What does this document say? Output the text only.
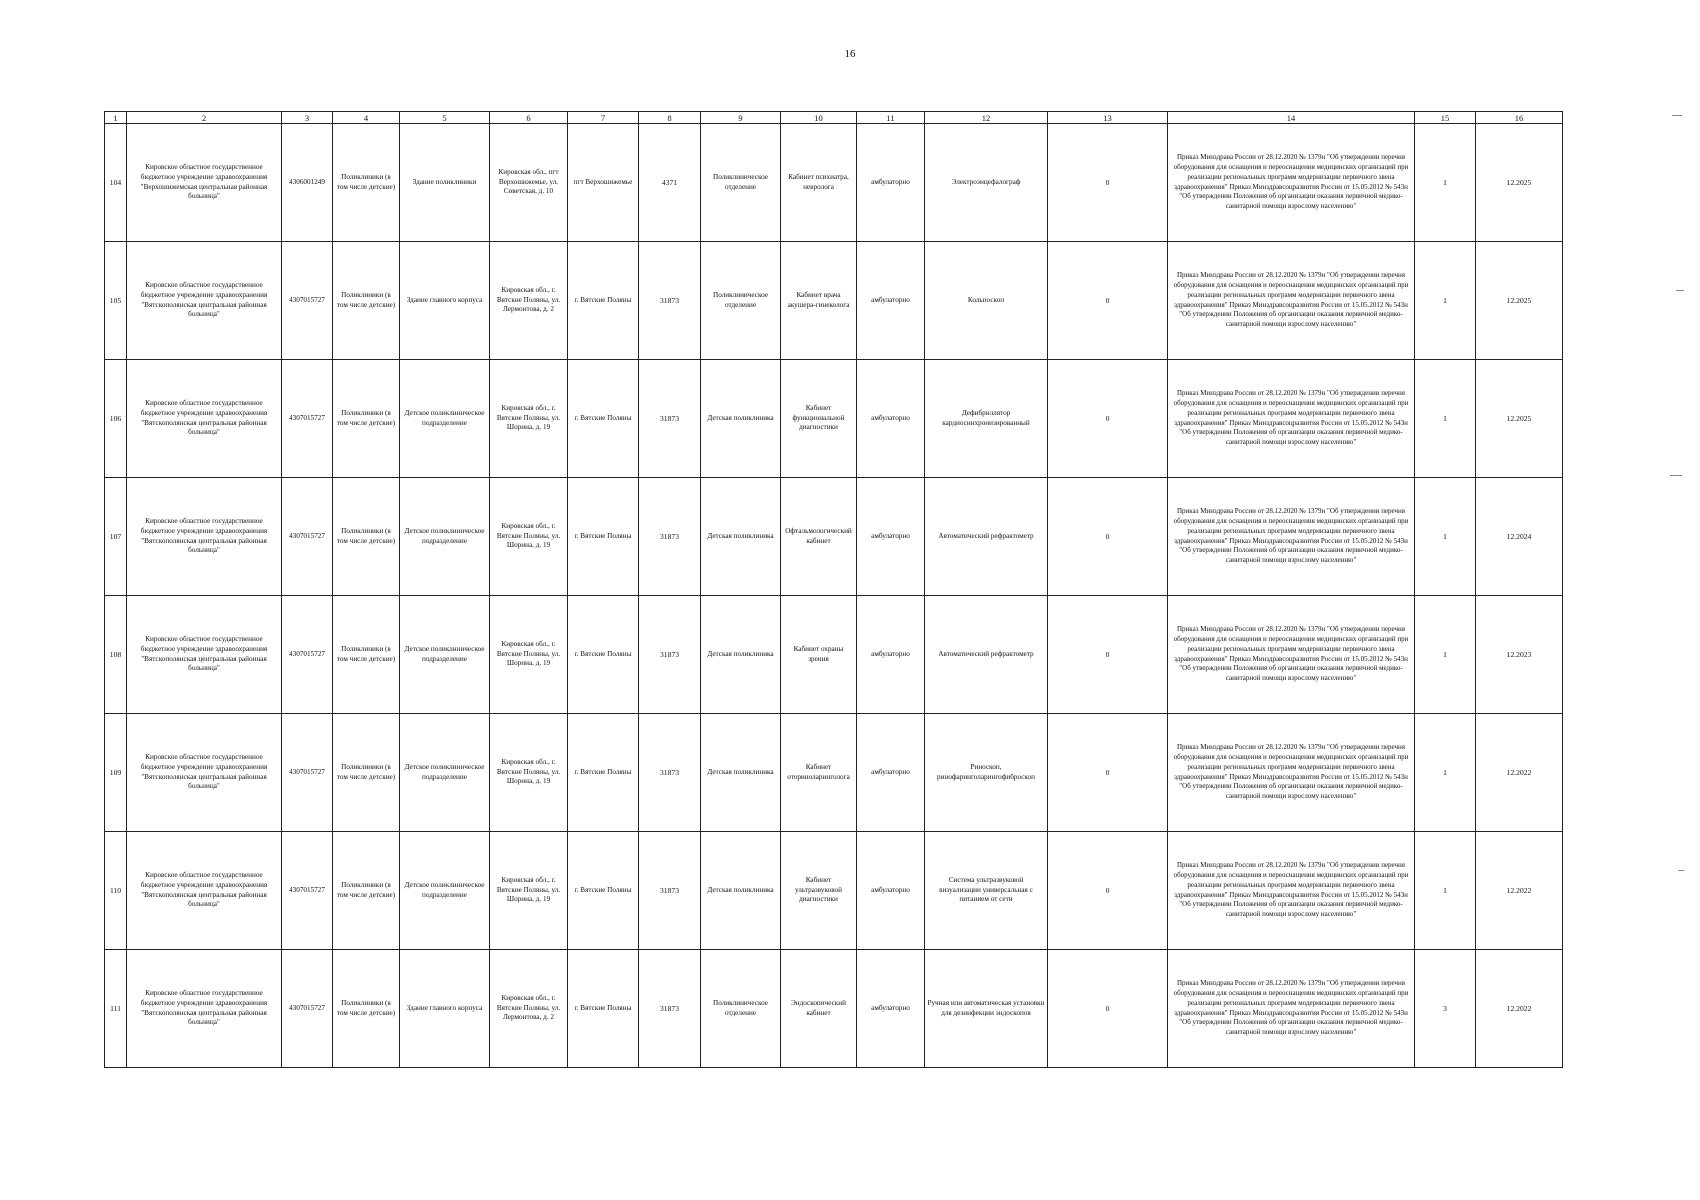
16
1	2	3	4	5	6	7	8	9	10	11	12	13	14	15	16
104	Кировское областное государственное бюджетное учреждение здравоохранения "Верхошижемская центральная районная больница"	4306001249	Поликлиники (в том числе детские)	Здание поликлиники	Кировская обл., пгт Верхошижемье, ул. Советская, д. 10	пгт Верхошижемье	4371	Поликлиническое отделение	Кабинет психиатра, невролога	амбулаторно	Электроэнцефалограф	0	Приказ Минздрава России от 28.12.2020 № 1379н "Об утверждении перечня оборудования для оснащения и переоснащения медицинских организаций при реализации региональных программ модернизации первичного звена здравоохранения" Приказ Минздравсоцразвития России от 15.05.2012 № 543н "Об утверждении Положения об организации оказания первичной медико-санитарной помощи взрослому населению"	1	12.2025
105	Кировское областное государственное бюджетное учреждение здравоохранения "Вятскополянская центральная районная больница"	4307015727	Поликлиники (в том числе детские)	Здание главного корпуса	Кировская обл., г. Вятские Поляны, ул. Лермонтова, д. 2	г. Вятские Поляны	31873	Поликлиническое отделение	Кабинет врача акушера-гинеколога	амбулаторно	Кольпоскоп	0	Приказ Минздрава России от 28.12.2020 № 1379н "Об утверждении перечня оборудования для оснащения и переоснащения медицинских организаций при реализации региональных программ модернизации первичного звена здравоохранения" Приказ Минздравсоцразвития России от 15.05.2012 № 543н "Об утверждении Положения об организации оказания первичной медико-санитарной помощи взрослому населению"	1	12.2025
106	Кировское областное государственное бюджетное учреждение здравоохранения "Вятскополянская центральная районная больница"	4307015727	Поликлиники (в том числе детские)	Детское поликлиническое подразделение	Кировская обл., г. Вятские Поляны, ул. Шорина, д. 19	г. Вятские Поляны	31873	Детская поликлиника	Кабинет функциональной диагностики	амбулаторно	Дефибриллятор кардиосинхронизированный	0	Приказ Минздрава России от 28.12.2020 № 1379н "Об утверждении перечня оборудования для оснащения и переоснащения медицинских организаций при реализации региональных программ модернизации первичного звена здравоохранения" Приказ Минздравсоцразвития России от 15.05.2012 № 543н "Об утверждении Положения об организации оказания первичной медико-санитарной помощи взрослому населению"	1	12.2025
107	Кировское областное государственное бюджетное учреждение здравоохранения "Вятскополянская центральная районная больница"	4307015727	Поликлиники (в том числе детские)	Детское поликлиническое подразделение	Кировская обл., г. Вятские Поляны, ул. Шорина, д. 19	г. Вятские Поляны	31873	Детская поликлиника	Офтальмологический кабинет	амбулаторно	Автоматический рефрактометр	0	Приказ Минздрава России от 28.12.2020 № 1379н "Об утверждении перечня оборудования для оснащения и переоснащения медицинских организаций при реализации региональных программ модернизации первичного звена здравоохранения" Приказ Минздравсоцразвития России от 15.05.2012 № 543н "Об утверждении Положения об организации оказания первичной медико-санитарной помощи взрослому населению"	1	12.2024
108	Кировское областное государственное бюджетное учреждение здравоохранения "Вятскополянская центральная районная больница"	4307015727	Поликлиники (в том числе детские)	Детское поликлиническое подразделение	Кировская обл., г. Вятские Поляны, ул. Шорина, д. 19	г. Вятские Поляны	31873	Детская поликлиника	Кабинет охраны зрения	амбулаторно	Автоматический рефрактометр	0	Приказ Минздрава России от 28.12.2020 № 1379н "Об утверждении перечня оборудования для оснащения и переоснащения медицинских организаций при реализации региональных программ модернизации первичного звена здравоохранения" Приказ Минздравсоцразвития России от 15.05.2012 № 543н "Об утверждении Положения об организации оказания первичной медико-санитарной помощи взрослому населению"	1	12.2023
109	Кировское областное государственное бюджетное учреждение здравоохранения "Вятскополянская центральная районная больница"	4307015727	Поликлиники (в том числе детские)	Детское поликлиническое подразделение	Кировская обл., г. Вятские Поляны, ул. Шорина, д. 19	г. Вятские Поляны	31873	Детская поликлиника	Кабинет оториноларинголога	амбулаторно	Риноскоп, ринофаринголарингофиброскоп	0	Приказ Минздрава России от 28.12.2020 № 1379н "Об утверждении перечня оборудования для оснащения и переоснащения медицинских организаций при реализации региональных программ модернизации первичного звена здравоохранения" Приказ Минздравсоцразвития России от 15.05.2012 № 543н "Об утверждении Положения об организации оказания первичной медико-санитарной помощи взрослому населению"	1	12.2022
110	Кировское областное государственное бюджетное учреждение здравоохранения "Вятскополянская центральная районная больница"	4307015727	Поликлиники (в том числе детские)	Детское поликлиническое подразделение	Кировская обл., г. Вятские Поляны, ул. Шорина, д. 19	г. Вятские Поляны	31873	Детская поликлиника	Кабинет ультразвуковой диагностики	амбулаторно	Система ультразвуковой визуализации универсальная с питанием от сети	0	Приказ Минздрава России от 28.12.2020 № 1379н "Об утверждении перечня оборудования для оснащения и переоснащения медицинских организаций при реализации региональных программ модернизации первичного звена здравоохранения" Приказ Минздравсоцразвития России от 15.05.2012 № 543н "Об утверждении Положения об организации оказания первичной медико-санитарной помощи взрослому населению"	1	12.2022
111	Кировское областное государственное бюджетное учреждение здравоохранения "Вятскополянская центральная районная больница"	4307015727	Поликлиники (в том числе детские)	Здание главного корпуса	Кировская обл., г. Вятские Поляны, ул. Лермонтова, д. 2	г. Вятские Поляны	31873	Поликлиническое отделение	Эндоскопический кабинет	амбулаторно	Ручная или автоматическая установки для дезинфекции эндоскопов	0	Приказ Минздрава России от 28.12.2020 № 1379н "Об утверждении перечня оборудования для оснащения и переоснащения медицинских организаций при реализации региональных программ модернизации первичного звена здравоохранения" Приказ Минздравсоцразвития России от 15.05.2012 № 543н "Об утверждении Положения об организации оказания первичной медико-санитарной помощи взрослому населению"	3	12.2022
